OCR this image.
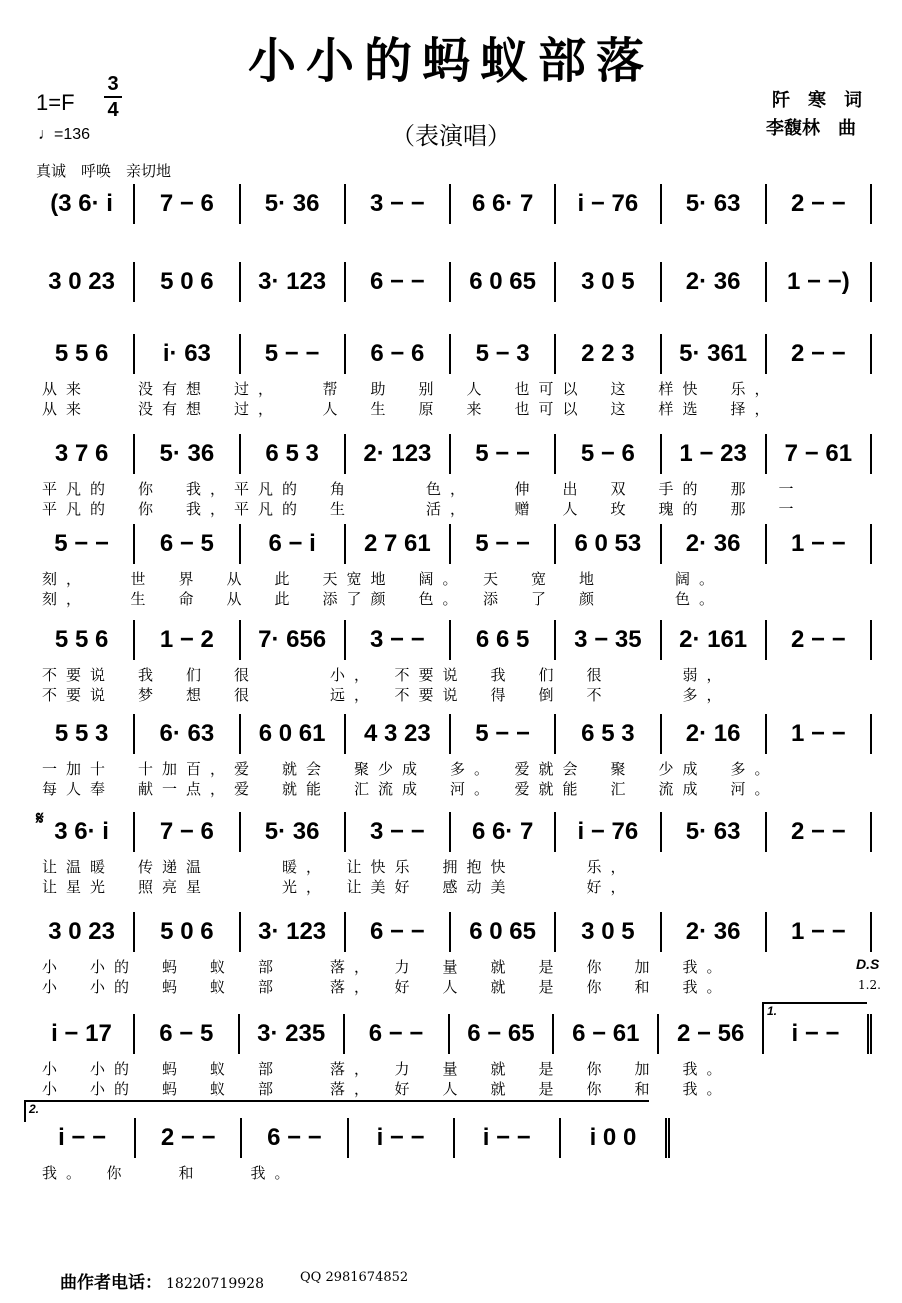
小小的蚂蚁部落
1=F
3
4
♩=136	（表演唱）
阡　寒　词
李馥林　曲
真诚　呼唤　亲切地
(3 6· i 7 − 6 5· 36 3 − − 6 6· 7 i − 76 5· 63 2 − −
3 0 23 5 0 6 3· 123 6 − − 6 0 65 3 0 5 2· 36 1 − −)
5 5 6 i· 63 5 − − 6 − 6 5 − 3 2 2 3 5· 361 2 − −
从来　　没有想　过，　　帮　助　别　人　也可以　这　样快　乐，
从来　　没有想　过，　　人　生　原　来　也可以　这　样选　择，
3 7 6 5· 36 6 5 3 2· 123 5 − − 5 − 6 1 − 23 7 − 61
平凡的　你　我，平凡的　角　　　色，　　伸　出　双　手的　那　一
平凡的　你　我，平凡的　生　　　活，　　赠　人　玫　瑰的　那　一
5 − − 6 − 5 6 − i 2 7 61 5 − − 6 0 53 2· 36 1 − −
刻，　　世　界　从　此　天宽地　阔。　天　宽　地　　　阔。
刻，　　生　命　从　此　添了颜　色。　添　了　颜　　　色。
5 5 6 1 − 2 7· 656 3 − − 6 6 5 3 − 35 2· 161 2 − −
不要说　我　们　很　　　小，　不要说　我　们　很　　　弱，
不要说　梦　想　很　　　远，　不要说　得　倒　不　　　多，
5 5 3 6· 63 6 0 61 4 3 23 5 − − 6 5 3 2· 16 1 − −
一加十　十加百，爱　就会　聚少成　多。　爱就会　聚　少成　多。
每人奉　献一点，爱　就能　汇流成　河。　爱就能　汇　流成　河。
3 6· i 7 − 6 5· 36 3 − − 6 6· 7 i − 76 5· 63 2 − −
让温暖　传递温　　　暖，　让快乐　拥抱快　　　乐，
让星光　照亮星　　　光，　让美好　感动美　　　好，
3 0 23 5 0 6 3· 123 6 − − 6 0 65 3 0 5 2· 36 1 − −
小　小的　蚂　蚁　部　　落，　力　量　就　是　你　加　我。
小　小的　蚂　蚁　部　　落，　好　人　就　是　你　和　我。
i − 17 6 − 5 3· 235 6 − − 6 − 65 6 − 61 2 − 56 i − −
小　小的　蚂　蚁　部　　落，　力　量　就　是　你　加　我。
小　小的　蚂　蚁　部　　落，　好　人　就　是　你　和　我。
i − − 2 − − 6 − − i − − i − − i 0 0
我。　你　　和　　我。
𝄋
D.S
1.2.
1.
2.
曲作者电话： 18220719928	QQ 2981674852
